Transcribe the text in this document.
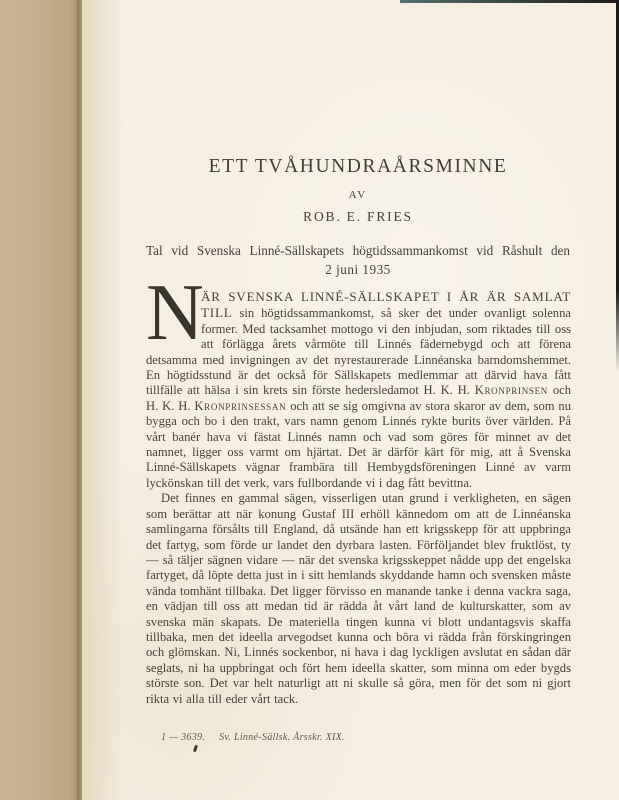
ETT TVÅHUNDRAÅRSMINNE
AV
ROB. E. FRIES
Tal vid Svenska Linné-Sällskapets högtidssammankomst vid Råshult den
2 juni 1935

N
ÄR SVENSKA LINNÉ-SÄLLSKAPET I ÅR ÄR SAMLAT TILL sin högtidssammankomst, så sker det under ovanligt solenna former. Med tacksamhet mottogo vi den inbjudan, som riktades till oss att förlägga årets vårmöte till Linnés fädernebygd och att förena detsamma med invigningen av det nyrestaurerade Linnéanska barndomshemmet. En högtidsstund är det också för Sällskapets medlemmar att därvid hava fått tillfälle att hälsa i sin krets sin förste hedersledamot H. K. H. Kronprinsen och H. K. H. Kronprinsessan och att se sig omgivna av stora skaror av dem, som nu bygga och bo i den trakt, vars namn genom Linnés rykte burits över världen. På vårt banér hava vi fästat Linnés namn och vad som göres för minnet av det namnet, ligger oss varmt om hjärtat. Det är därför kärt för mig, att å Svenska Linné-Sällskapets vägnar frambära till Hembygdsföreningen Linné av varm lyckönskan till det verk, vars fullbordande vi i dag fått bevittna.

Det finnes en gammal sägen, visserligen utan grund i verkligheten, en sägen som berättar att när konung Gustaf III erhöll kännedom om att de Linnéanska samlingarna försålts till England, då utsände han ett krigsskepp för att uppbringa det fartyg, som förde ur landet den dyrbara lasten. Förföljandet blev fruktlöst, ty — så täljer sägnen vidare — när det svenska krigsskeppet nådde upp det engelska fartyget, då löpte detta just in i sitt hemlands skyddande hamn och svensken måste vända tomhänt tillbaka. Det ligger förvisso en manande tanke i denna vackra saga, en vädjan till oss att medan tid är rädda åt vårt land de kulturskatter, som av svenska män skapats. De materiella tingen kunna vi blott undantagsvis skaffa tillbaka, men det ideella arvegodset kunna och böra vi rädda från förskingringen och glömskan. Ni, Linnés sockenbor, ni hava i dag lyckligen avslutat en sådan där seglats, ni ha uppbringat och fört hem ideella skatter, som minna om eder bygds störste son. Det var helt naturligt att ni skulle så göra, men för det som ni gjort rikta vi alla till eder vårt tack.

1 — 3639. Sv. Linné-Sällsk. Årsskr. XIX.
